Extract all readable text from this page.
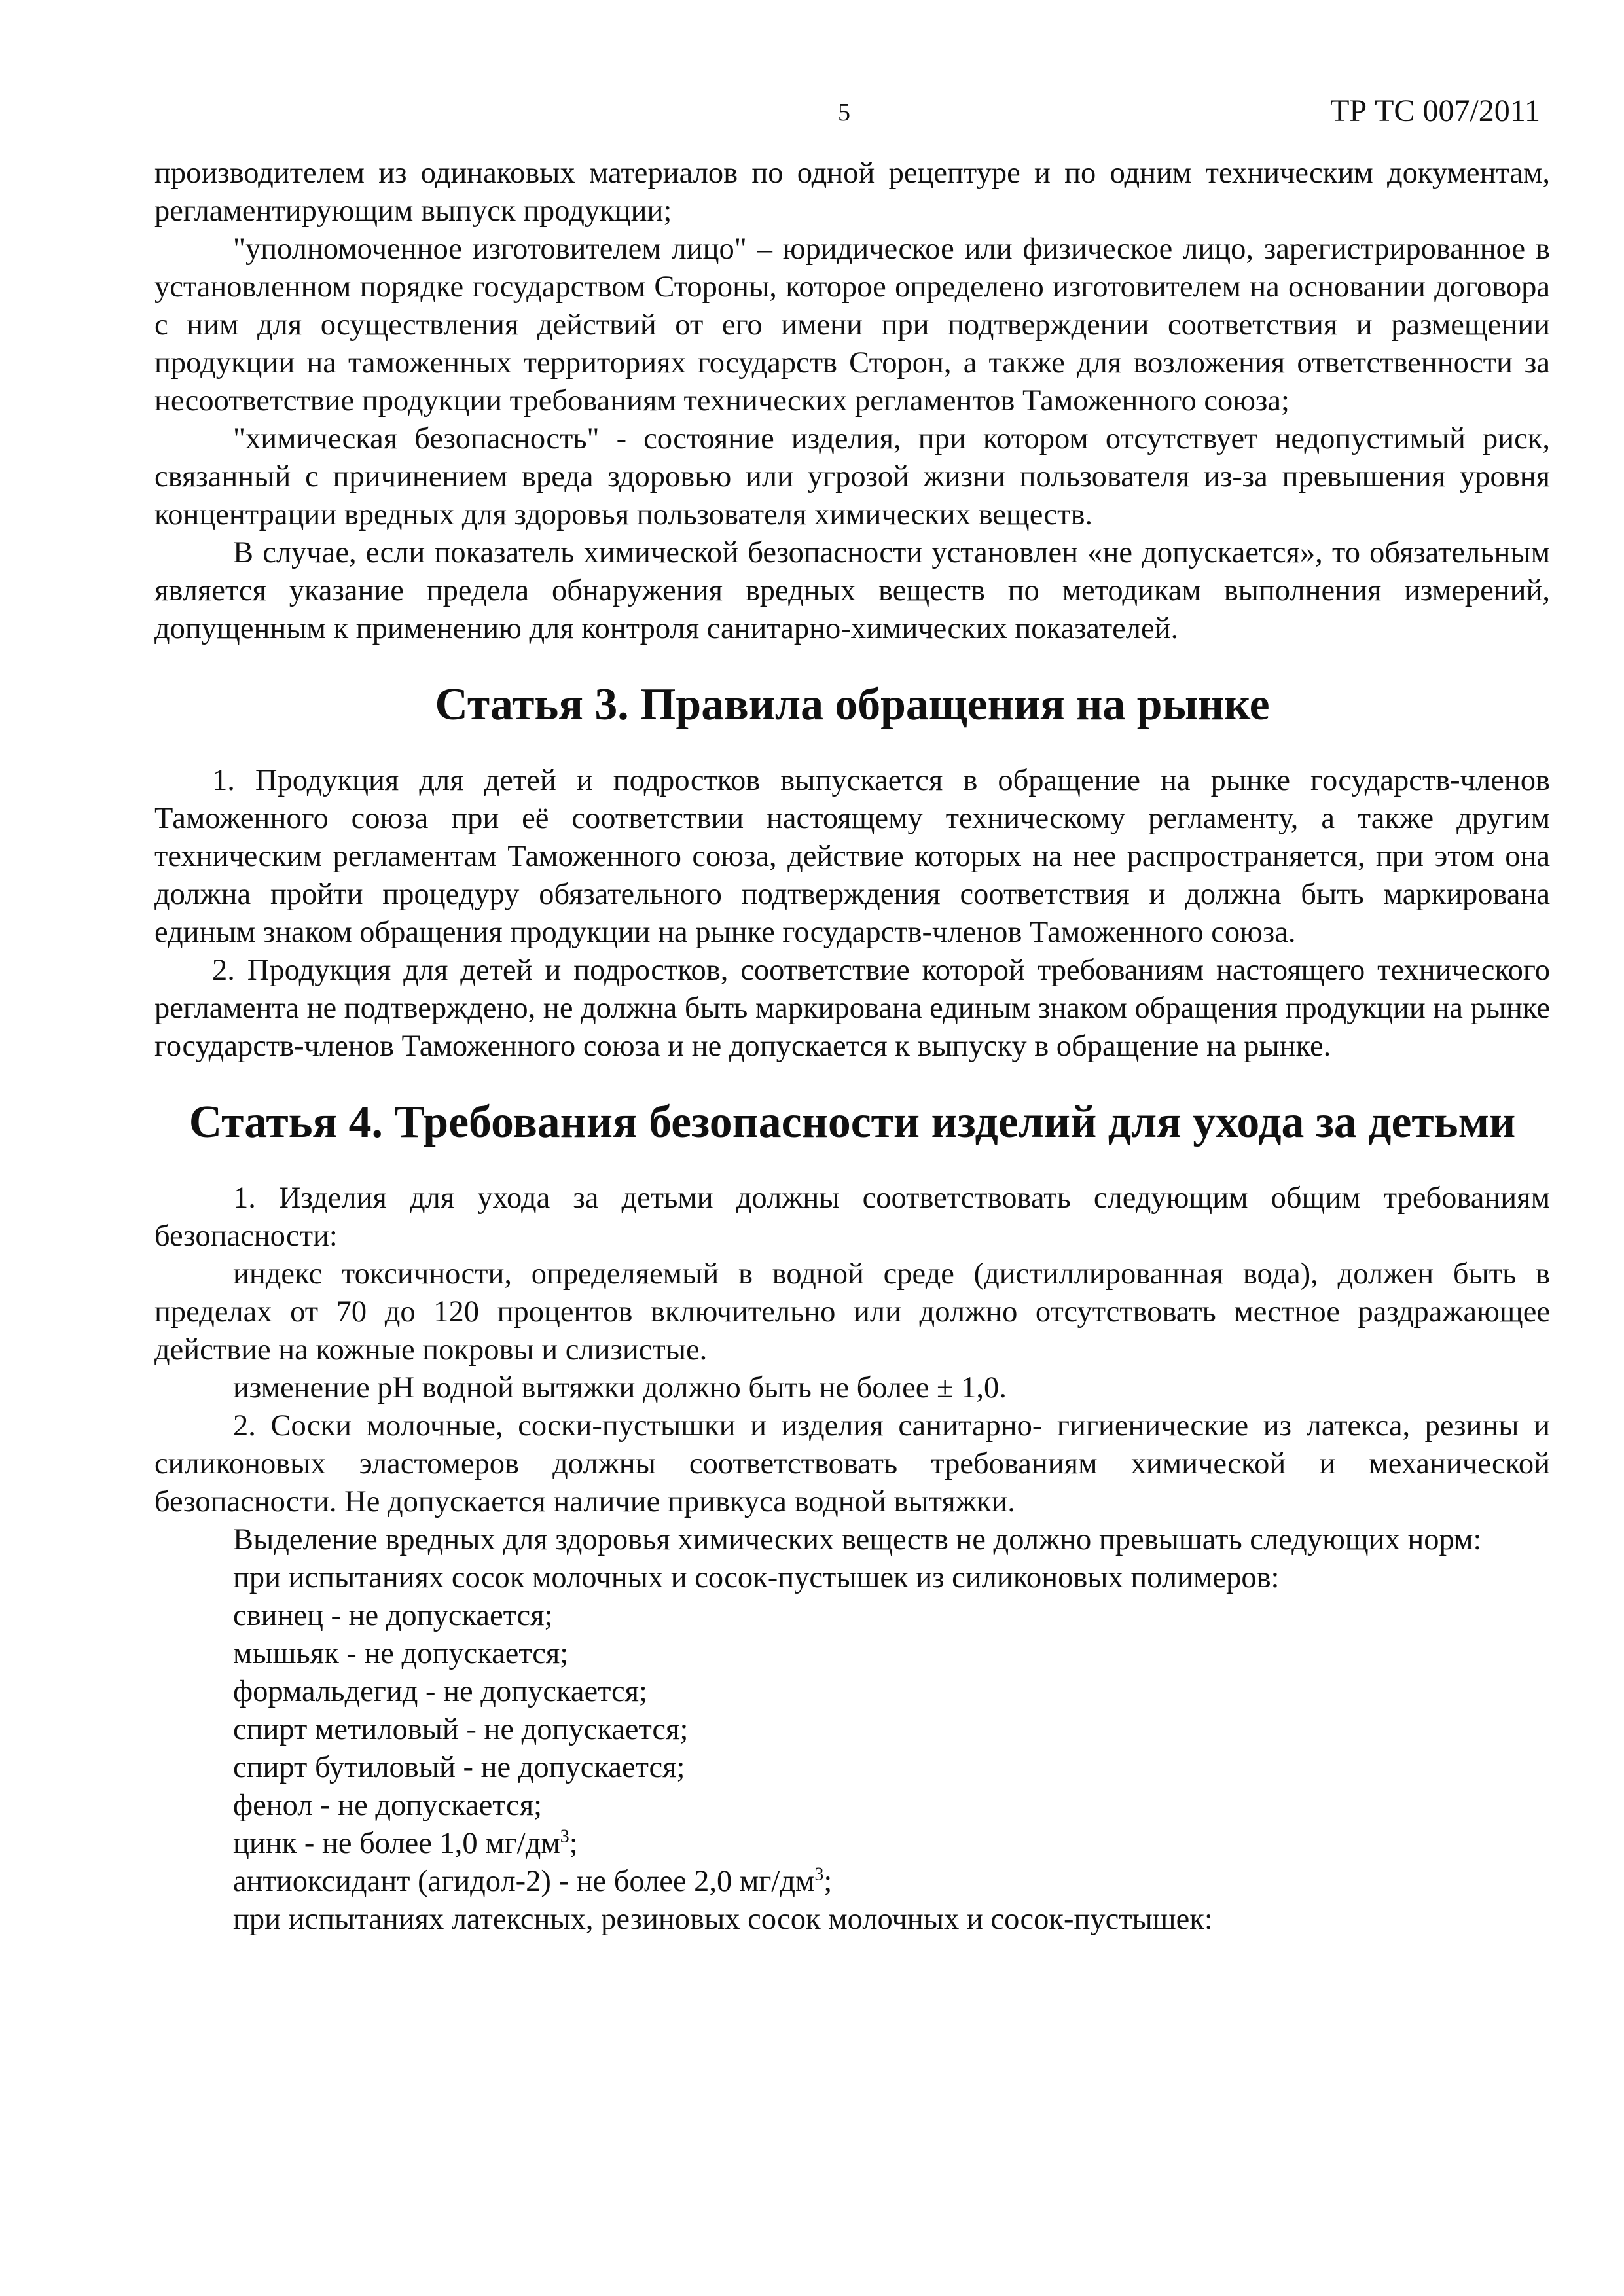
5	ТР ТС 007/2011

производителем из одинаковых материалов по одной рецептуре и по одним техническим документам, регламентирующим выпуск продукции;

"уполномоченное изготовителем лицо" – юридическое или физическое лицо, зарегистрированное в установленном порядке государством Стороны, которое определено изготовителем на основании договора с ним для осуществления действий от его имени при подтверждении соответствия и размещении продукции на таможенных территориях государств Сторон, а также для возложения ответственности за несоответствие продукции требованиям технических регламентов Таможенного союза;

"химическая безопасность" - состояние изделия, при котором отсутствует недопустимый риск, связанный с причинением вреда здоровью или угрозой жизни пользователя из-за превышения уровня концентрации вредных для здоровья пользователя химических веществ.

В случае, если показатель химической безопасности установлен «не допускается», то обязательным является указание предела обнаружения вредных веществ по методикам выполнения измерений, допущенным к применению для контроля санитарно-химических показателей.

Статья 3. Правила обращения на рынке

1. Продукция для детей и подростков выпускается в обращение на рынке государств-членов Таможенного союза при её соответствии настоящему техническому регламенту, а также другим техническим регламентам Таможенного союза, действие которых на нее распространяется, при этом она должна пройти процедуру обязательного подтверждения соответствия и должна быть маркирована единым знаком обращения продукции на рынке государств-членов Таможенного союза.

2. Продукция для детей и подростков, соответствие которой требованиям настоящего технического регламента не подтверждено, не должна быть маркирована единым знаком обращения продукции на рынке государств-членов Таможенного союза и не допускается к выпуску в обращение на рынке.

Статья 4. Требования безопасности изделий для ухода за детьми

1. Изделия для ухода за детьми должны соответствовать следующим общим требованиям безопасности:

индекс токсичности, определяемый в водной среде (дистиллированная вода), должен быть в пределах от 70 до 120 процентов включительно или должно отсутствовать местное раздражающее действие на кожные покровы и слизистые.

изменение pH водной вытяжки должно быть не более ± 1,0.

2. Соски молочные, соски-пустышки и изделия санитарно- гигиенические из латекса, резины и силиконовых эластомеров должны соответствовать требованиям химической и механической безопасности. Не допускается наличие привкуса водной вытяжки.

Выделение вредных для здоровья химических веществ не должно превышать следующих норм:

при испытаниях сосок молочных и сосок-пустышек из силиконовых полимеров:

свинец - не допускается;

мышьяк - не допускается;

формальдегид - не допускается;

спирт метиловый - не допускается;

спирт бутиловый - не допускается;

фенол - не допускается;

цинк - не более 1,0 $мг/дм^3$;

антиоксидант (агидол-2) - не более 2,0 $мг/дм^3$;

при испытаниях латексных, резиновых сосок молочных и сосок-пустышек:
